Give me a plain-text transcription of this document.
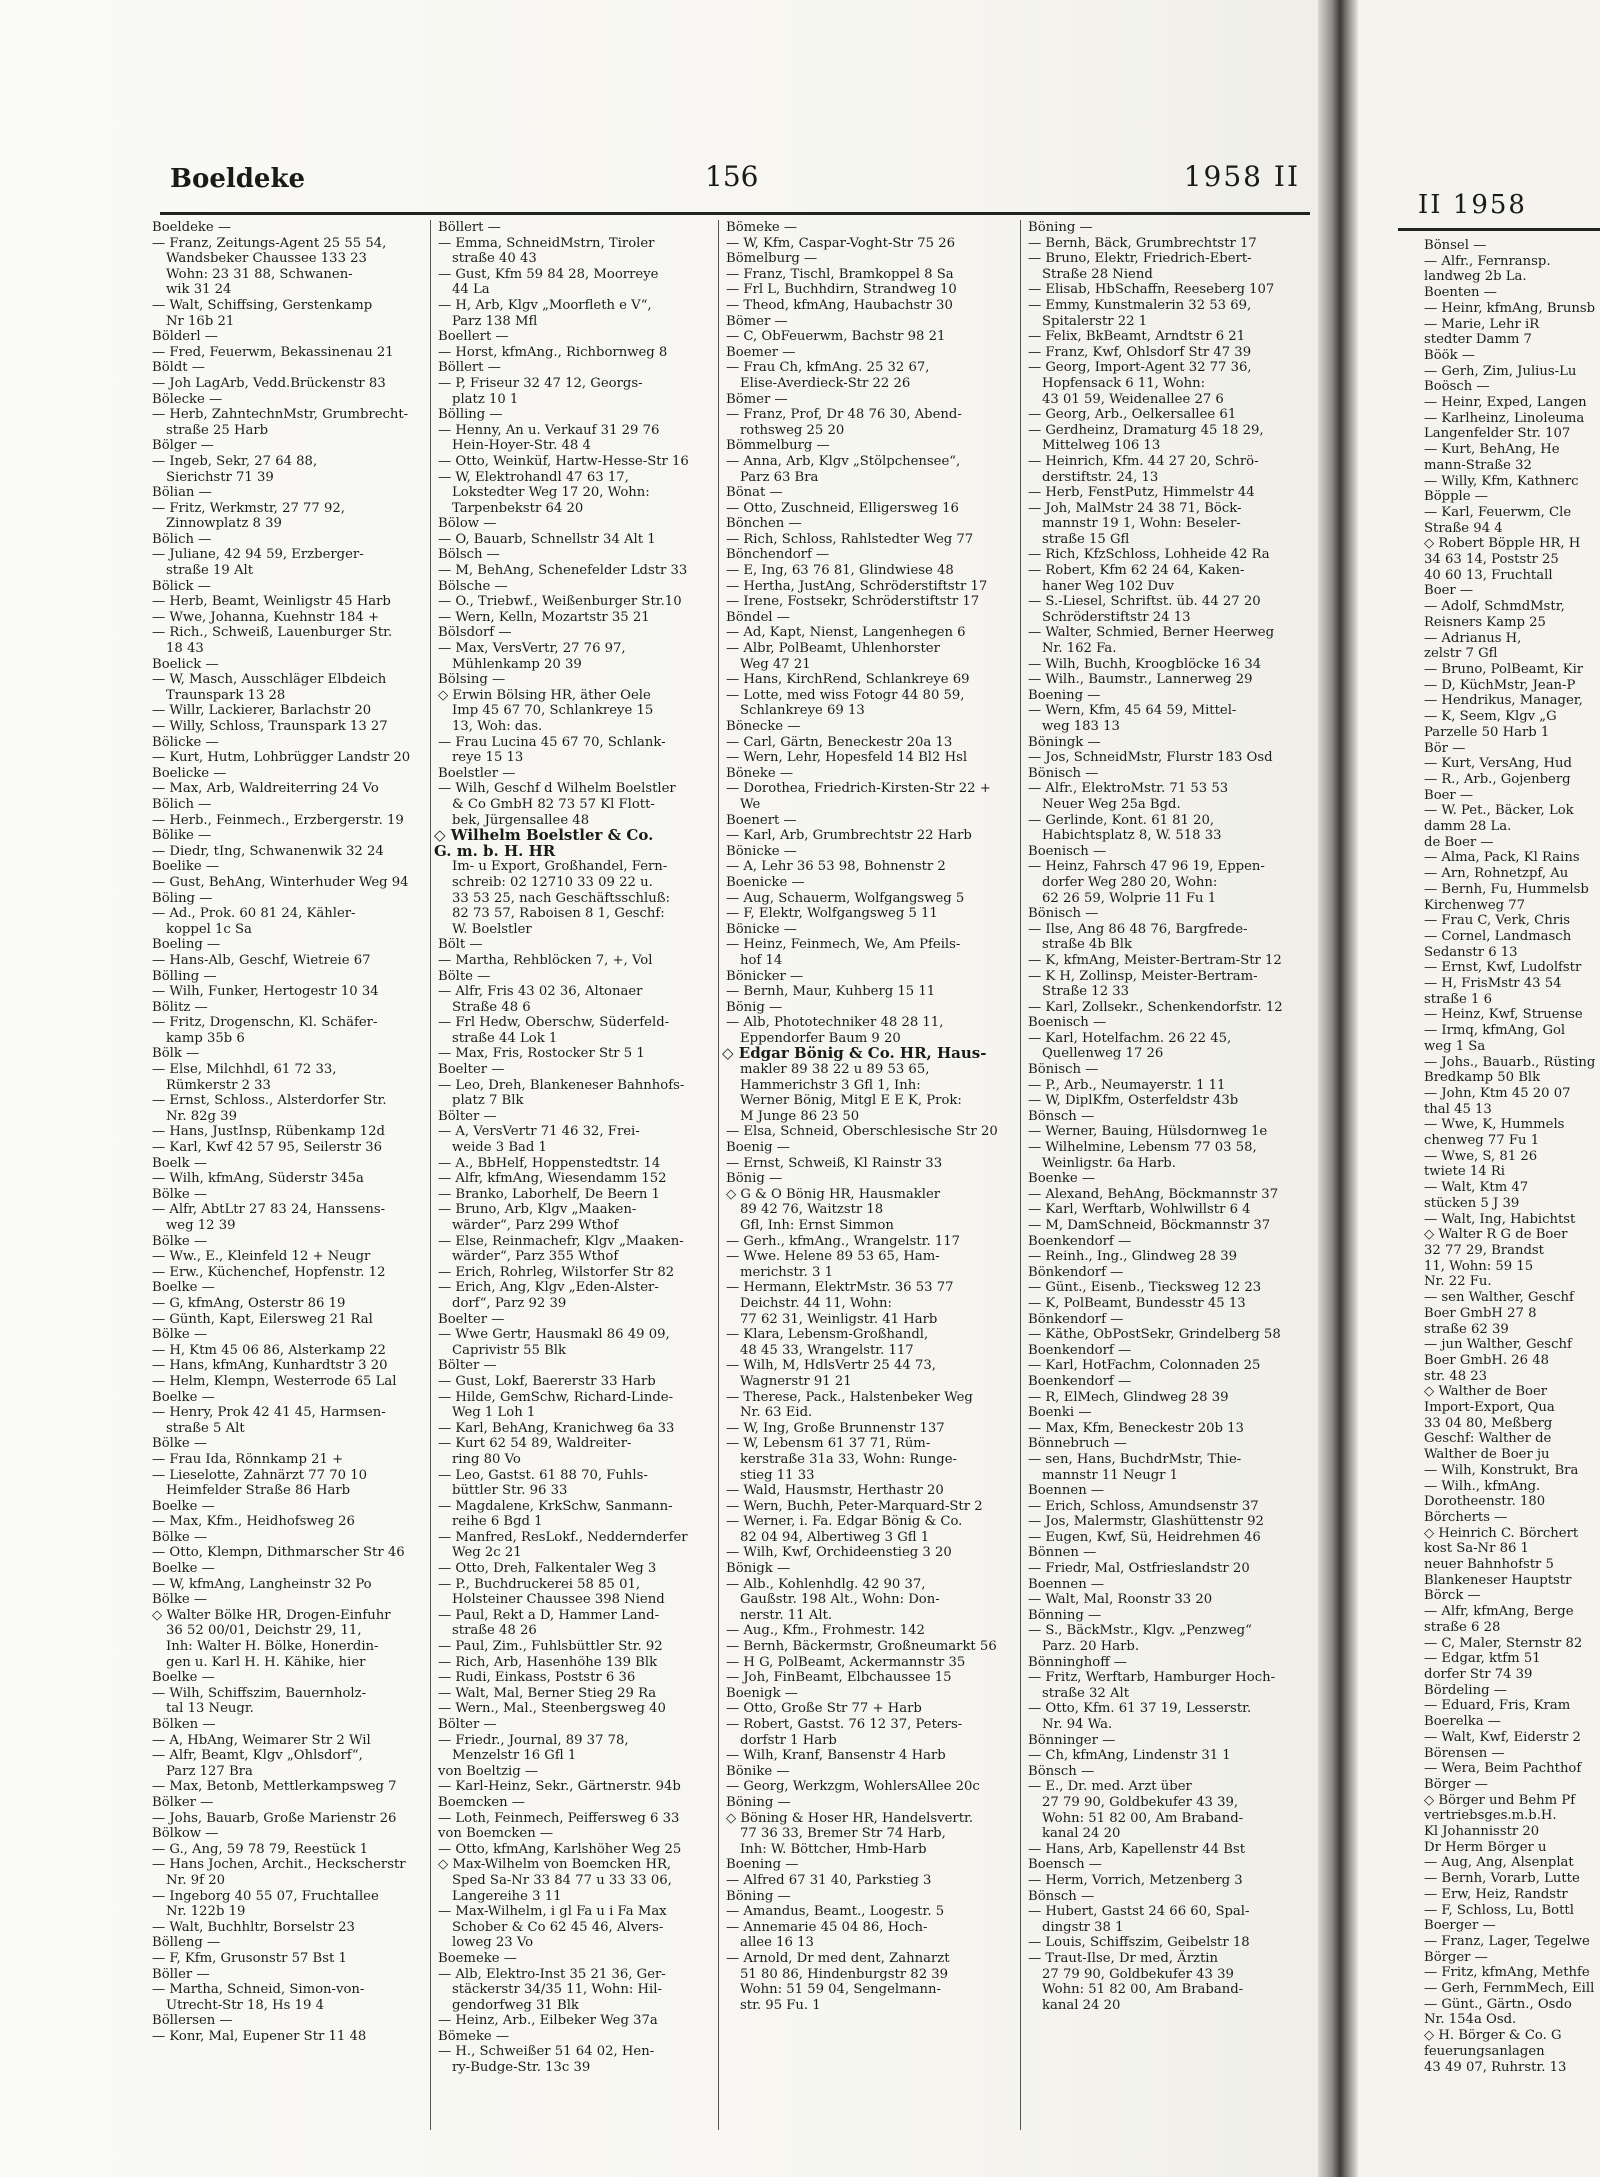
Boeldeke	156	1958 II
Boeldeke —
— Franz, Zeitungs-Agent 25 55 54,
Wandsbeker Chaussee 133 23
Wohn: 23 31 88, Schwanen-
wik 31 24
— Walt, Schiffsing, Gerstenkamp
Nr 16b 21
Bölderl —
— Fred, Feuerwm, Bekassinenau 21
Böldt —
— Joh LagArb, Vedd.Brückenstr 83
Bölecke —
— Herb, ZahntechnMstr, Grumbrecht-
straße 25 Harb
Bölger —
— Ingeb, Sekr, 27 64 88,
Sierichstr 71 39
Bölian —
— Fritz, Werkmstr, 27 77 92,
Zinnowplatz 8 39
Bölich —
— Juliane, 42 94 59, Erzberger-
straße 19 Alt
Bölick —
— Herb, Beamt, Weinligstr 45 Harb
— Wwe, Johanna, Kuehnstr 184 +
— Rich., Schweiß, Lauenburger Str.
18 43
Boelick —
— W, Masch, Ausschläger Elbdeich
Traunspark 13 28
— Willr, Lackierer, Barlachstr 20
— Willy, Schloss, Traunspark 13 27
Bölicke —
— Kurt, Hutm, Lohbrügger Landstr 20
Boelicke —
— Max, Arb, Waldreiterring 24 Vo
Bölich —
— Herb., Feinmech., Erzbergerstr. 19
Bölike —
— Diedr, tIng, Schwanenwik 32 24
Boelike —
— Gust, BehAng, Winterhuder Weg 94
Böling —
— Ad., Prok. 60 81 24, Kähler-
koppel 1c Sa
Boeling —
— Hans-Alb, Geschf, Wietreie 67
Bölling —
— Wilh, Funker, Hertogestr 10 34
Bölitz —
— Fritz, Drogenschn, Kl. Schäfer-
kamp 35b 6
Bölk —
— Else, Milchhdl, 61 72 33,
Rümkerstr 2 33
— Ernst, Schloss., Alsterdorfer Str.
Nr. 82g 39
— Hans, JustInsp, Rübenkamp 12d
— Karl, Kwf 42 57 95, Seilerstr 36
Boelk —
— Wilh, kfmAng, Süderstr 345a
Bölke —
— Alfr, AbtLtr 27 83 24, Hanssens-
weg 12 39
Bölke —
— Ww., E., Kleinfeld 12 + Neugr
— Erw., Küchenchef, Hopfenstr. 12
Boelke —
— G, kfmAng, Osterstr 86 19
— Günth, Kapt, Eilersweg 21 Ral
Bölke —
— H, Ktm 45 06 86, Alsterkamp 22
— Hans, kfmAng, Kunhardtstr 3 20
— Helm, Klempn, Westerrode 65 Lal
Boelke —
— Henry, Prok 42 41 45, Harmsen-
straße 5 Alt
Bölke —
— Frau Ida, Rönnkamp 21 +
— Lieselotte, Zahnärzt 77 70 10
Heimfelder Straße 86 Harb
Boelke —
— Max, Kfm., Heidhofsweg 26
Bölke —
— Otto, Klempn, Dithmarscher Str 46
Boelke —
— W, kfmAng, Langheinstr 32 Po
Bölke —
◇ Walter Bölke HR, Drogen-Einfuhr
36 52 00/01, Deichstr 29, 11,
Inh: Walter H. Bölke, Honerdin-
gen u. Karl H. H. Kähike, hier
Boelke —
— Wilh, Schiffszim, Bauernholz-
tal 13 Neugr.
Bölken —
— A, HbAng, Weimarer Str 2 Wil
— Alfr, Beamt, Klgv „Ohlsdorf“,
Parz 127 Bra
— Max, Betonb, Mettlerkampsweg 7
Bölker —
— Johs, Bauarb, Große Marienstr 26
Bölkow —
— G., Ang, 59 78 79, Reestück 1
— Hans Jochen, Archit., Heckscherstr
Nr. 9f 20
— Ingeborg 40 55 07, Fruchtallee
Nr. 122b 19
— Walt, Buchhltr, Borselstr 23
Bölleng —
— F, Kfm, Grusonstr 57 Bst 1
Böller —
— Martha, Schneid, Simon-von-
Utrecht-Str 18, Hs 19 4
Böllersen —
— Konr, Mal, Eupener Str 11 48
Böllert —
— Emma, SchneidMstrn, Tiroler
straße 40 43
— Gust, Kfm 59 84 28, Moorreye
44 La
— H, Arb, Klgv „Moorfleth e V“,
Parz 138 Mfl
Boellert —
— Horst, kfmAng., Richbornweg 8
Böllert —
— P, Friseur 32 47 12, Georgs-
platz 10 1
Bölling —
— Henny, An u. Verkauf 31 29 76
Hein-Hoyer-Str. 48 4
— Otto, Weinküf, Hartw-Hesse-Str 16
— W, Elektrohandl 47 63 17,
Lokstedter Weg 17 20, Wohn:
Tarpenbekstr 64 20
Bölow —
— O, Bauarb, Schnellstr 34 Alt 1
Bölsch —
— M, BehAng, Schenefelder Ldstr 33
Bölsche —
— O., Triebwf., Weißenburger Str.10
— Wern, Kelln, Mozartstr 35 21
Bölsdorf —
— Max, VersVertr, 27 76 97,
Mühlenkamp 20 39
Bölsing —
◇ Erwin Bölsing HR, äther Oele
Imp 45 67 70, Schlankreye 15
13, Woh: das.
— Frau Lucina 45 67 70, Schlank-
reye 15 13
Boelstler —
— Wilh, Geschf d Wilhelm Boelstler
& Co GmbH 82 73 57 Kl Flott-
bek, Jürgensallee 48
◇ Wilhelm Boelstler & Co.
G. m. b. H. HR
Im- u Export, Großhandel, Fern-
schreib: 02 12710 33 09 22 u.
33 53 25, nach Geschäftsschluß:
82 73 57, Raboisen 8 1, Geschf:
W. Boelstler
Bölt —
— Martha, Rehblöcken 7, +, Vol
Bölte —
— Alfr, Fris 43 02 36, Altonaer
Straße 48 6
— Frl Hedw, Oberschw, Süderfeld-
straße 44 Lok 1
— Max, Fris, Rostocker Str 5 1
Boelter —
— Leo, Dreh, Blankeneser Bahnhofs-
platz 7 Blk
Bölter —
— A, VersVertr 71 46 32, Frei-
weide 3 Bad 1
— A., BbHelf, Hoppenstedtstr. 14
— Alfr, kfmAng, Wiesendamm 152
— Branko, Laborhelf, De Beern 1
— Bruno, Arb, Klgv „Maaken-
wärder“, Parz 299 Wthof
— Else, Reinmachefr, Klgv „Maaken-
wärder“, Parz 355 Wthof
— Erich, Rohrleg, Wilstorfer Str 82
— Erich, Ang, Klgv „Eden-Alster-
dorf“, Parz 92 39
Boelter —
— Wwe Gertr, Hausmakl 86 49 09,
Caprivistr 55 Blk
Bölter —
— Gust, Lokf, Baererstr 33 Harb
— Hilde, GemSchw, Richard-Linde-
Weg 1 Loh 1
— Karl, BehAng, Kranichweg 6a 33
— Kurt 62 54 89, Waldreiter-
ring 80 Vo
— Leo, Gastst. 61 88 70, Fuhls-
büttler Str. 96 33
— Magdalene, KrkSchw, Sanmann-
reihe 6 Bgd 1
— Manfred, ResLokf., Neddernderfer
Weg 2c 21
— Otto, Dreh, Falkentaler Weg 3
— P., Buchdruckerei 58 85 01,
Holsteiner Chaussee 398 Niend
— Paul, Rekt a D, Hammer Land-
straße 48 26
— Paul, Zim., Fuhlsbüttler Str. 92
— Rich, Arb, Hasenhöhe 139 Blk
— Rudi, Einkass, Poststr 6 36
— Walt, Mal, Berner Stieg 29 Ra
— Wern., Mal., Steenbergsweg 40
Bölter —
— Friedr., Journal, 89 37 78,
Menzelstr 16 Gfl 1
von Boeltzig —
— Karl-Heinz, Sekr., Gärtnerstr. 94b
Boemcken —
— Loth, Feinmech, Peiffersweg 6 33
von Boemcken —
— Otto, kfmAng, Karlshöher Weg 25
◇ Max-Wilhelm von Boemcken HR,
Sped Sa-Nr 33 84 77 u 33 33 06,
Langereihe 3 11
— Max-Wilhelm, i gl Fa u i Fa Max
Schober & Co 62 45 46, Alvers-
loweg 23 Vo
Boemeke —
— Alb, Elektro-Inst 35 21 36, Ger-
stäckerstr 34/35 11, Wohn: Hil-
gendorfweg 31 Blk
— Heinz, Arb., Eilbeker Weg 37a
Bömeke —
— H., Schweißer 51 64 02, Hen-
ry-Budge-Str. 13c 39
Bömeke —
— W, Kfm, Caspar-Voght-Str 75 26
Bömelburg —
— Franz, Tischl, Bramkoppel 8 Sa
— Frl L, Buchhdirn, Strandweg 10
— Theod, kfmAng, Haubachstr 30
Bömer —
— C, ObFeuerwm, Bachstr 98 21
Boemer —
— Frau Ch, kfmAng. 25 32 67,
Elise-Averdieck-Str 22 26
Bömer —
— Franz, Prof, Dr 48 76 30, Abend-
rothsweg 25 20
Bömmelburg —
— Anna, Arb, Klgv „Stölpchensee“,
Parz 63 Bra
Bönat —
— Otto, Zuschneid, Elligersweg 16
Bönchen —
— Rich, Schloss, Rahlstedter Weg 77
Bönchendorf —
— E, Ing, 63 76 81, Glindwiese 48
— Hertha, JustAng, Schröderstiftstr 17
— Irene, Fostsekr, Schröderstiftstr 17
Böndel —
— Ad, Kapt, Nienst, Langenhegen 6
— Albr, PolBeamt, Uhlenhorster
Weg 47 21
— Hans, KirchRend, Schlankreye 69
— Lotte, med wiss Fotogr 44 80 59,
Schlankreye 69 13
Bönecke —
— Carl, Gärtn, Beneckestr 20a 13
— Wern, Lehr, Hopesfeld 14 Bl2 Hsl
Böneke —
— Dorothea, Friedrich-Kirsten-Str 22 +
We
Boenert —
— Karl, Arb, Grumbrechtstr 22 Harb
Bönicke —
— A, Lehr 36 53 98, Bohnenstr 2
Boenicke —
— Aug, Schauerm, Wolfgangsweg 5
— F, Elektr, Wolfgangsweg 5 11
Bönicke —
— Heinz, Feinmech, We, Am Pfeils-
hof 14
Bönicker —
— Bernh, Maur, Kuhberg 15 11
Bönig —
— Alb, Phototechniker 48 28 11,
Eppendorfer Baum 9 20
◇ Edgar Bönig & Co. HR, Haus-
makler 89 38 22 u 89 53 65,
Hammerichstr 3 Gfl 1, Inh:
Werner Bönig, Mitgl E E K, Prok:
M Junge 86 23 50
— Elsa, Schneid, Oberschlesische Str 20
Boenig —
— Ernst, Schweiß, Kl Rainstr 33
Bönig —
◇ G & O Bönig HR, Hausmakler
89 42 76, Waitzstr 18
Gfl, Inh: Ernst Simmon
— Gerh., kfmAng., Wrangelstr. 117
— Wwe. Helene 89 53 65, Ham-
merichstr. 3 1
— Hermann, ElektrMstr. 36 53 77
Deichstr. 44 11, Wohn:
77 62 31, Weinligstr. 41 Harb
— Klara, Lebensm-Großhandl,
48 45 33, Wrangelstr. 117
— Wilh, M, HdlsVertr 25 44 73,
Wagnerstr 91 21
— Therese, Pack., Halstenbeker Weg
Nr. 63 Eid.
— W, Ing, Große Brunnenstr 137
— W, Lebensm 61 37 71, Rüm-
kerstraße 31a 33, Wohn: Runge-
stieg 11 33
— Wald, Hausmstr, Herthastr 20
— Wern, Buchh, Peter-Marquard-Str 2
— Werner, i. Fa. Edgar Bönig & Co.
82 04 94, Albertiweg 3 Gfl 1
— Wilh, Kwf, Orchideenstieg 3 20
Bönigk —
— Alb., Kohlenhdlg. 42 90 37,
Gaußstr. 198 Alt., Wohn: Don-
nerstr. 11 Alt.
— Aug., Kfm., Frohmestr. 142
— Bernh, Bäckermstr, Großneumarkt 56
— H G, PolBeamt, Ackermannstr 35
— Joh, FinBeamt, Elbchaussee 15
Boenigk —
— Otto, Große Str 77 + Harb
— Robert, Gastst. 76 12 37, Peters-
dorfstr 1 Harb
— Wilh, Kranf, Bansenstr 4 Harb
Bönike —
— Georg, Werkzgm, WohlersAllee 20c
Böning —
◇ Böning & Hoser HR, Handelsvertr.
77 36 33, Bremer Str 74 Harb,
Inh: W. Böttcher, Hmb-Harb
Boening —
— Alfred 67 31 40, Parkstieg 3
Böning —
— Amandus, Beamt., Loogestr. 5
— Annemarie 45 04 86, Hoch-
allee 16 13
— Arnold, Dr med dent, Zahnarzt
51 80 86, Hindenburgstr 82 39
Wohn: 51 59 04, Sengelmann-
str. 95 Fu. 1
Böning —
— Bernh, Bäck, Grumbrechtstr 17
— Bruno, Elektr, Friedrich-Ebert-
Straße 28 Niend
— Elisab, HbSchaffn, Reeseberg 107
— Emmy, Kunstmalerin 32 53 69,
Spitalerstr 22 1
— Felix, BkBeamt, Arndtstr 6 21
— Franz, Kwf, Ohlsdorf Str 47 39
— Georg, Import-Agent 32 77 36,
Hopfensack 6 11, Wohn:
43 01 59, Weidenallee 27 6
— Georg, Arb., Oelkersallee 61
— Gerdheinz, Dramaturg 45 18 29,
Mittelweg 106 13
— Heinrich, Kfm. 44 27 20, Schrö-
derstiftstr. 24, 13
— Herb, FenstPutz, Himmelstr 44
— Joh, MalMstr 24 38 71, Böck-
mannstr 19 1, Wohn: Beseler-
straße 15 Gfl
— Rich, KfzSchloss, Lohheide 42 Ra
— Robert, Kfm 62 24 64, Kaken-
haner Weg 102 Duv
— S.-Liesel, Schriftst. üb. 44 27 20
Schröderstiftstr 24 13
— Walter, Schmied, Berner Heerweg
Nr. 162 Fa.
— Wilh, Buchh, Kroogblöcke 16 34
— Wilh., Baumstr., Lannerweg 29
Boening —
— Wern, Kfm, 45 64 59, Mittel-
weg 183 13
Böningk —
— Jos, SchneidMstr, Flurstr 183 Osd
Bönisch —
— Alfr., ElektroMstr. 71 53 53
Neuer Weg 25a Bgd.
— Gerlinde, Kont. 61 81 20,
Habichtsplatz 8, W. 518 33
Boenisch —
— Heinz, Fahrsch 47 96 19, Eppen-
dorfer Weg 280 20, Wohn:
62 26 59, Wolprie 11 Fu 1
Bönisch —
— Ilse, Ang 86 48 76, Bargfrede-
straße 4b Blk
— K, kfmAng, Meister-Bertram-Str 12
— K H, Zollinsp, Meister-Bertram-
Straße 12 33
— Karl, Zollsekr., Schenkendorfstr. 12
Boenisch —
— Karl, Hotelfachm. 26 22 45,
Quellenweg 17 26
Bönisch —
— P., Arb., Neumayerstr. 1 11
— W, DiplKfm, Osterfeldstr 43b
Bönsch —
— Werner, Bauing, Hülsdornweg 1e
— Wilhelmine, Lebensm 77 03 58,
Weinligstr. 6a Harb.
Boenke —
— Alexand, BehAng, Böckmannstr 37
— Karl, Werftarb, Wohlwillstr 6 4
— M, DamSchneid, Böckmannstr 37
Boenkendorf —
— Reinh., Ing., Glindweg 28 39
Bönkendorf —
— Günt., Eisenb., Tiecksweg 12 23
— K, PolBeamt, Bundesstr 45 13
Bönkendorf —
— Käthe, ObPostSekr, Grindelberg 58
Boenkendorf —
— Karl, HotFachm, Colonnaden 25
Boenkendorf —
— R, ElMech, Glindweg 28 39
Boenki —
— Max, Kfm, Beneckestr 20b 13
Bönnebruch —
— sen, Hans, BuchdrMstr, Thie-
mannstr 11 Neugr 1
Boennen —
— Erich, Schloss, Amundsenstr 37
— Jos, Malermstr, Glashüttenstr 92
— Eugen, Kwf, Sü, Heidrehmen 46
Bönnen —
— Friedr, Mal, Ostfrieslandstr 20
Boennen —
— Walt, Mal, Roonstr 33 20
Bönning —
— S., BäckMstr., Klgv. „Penzweg“
Parz. 20 Harb.
Bönninghoff —
— Fritz, Werftarb, Hamburger Hoch-
straße 32 Alt
— Otto, Kfm. 61 37 19, Lesserstr.
Nr. 94 Wa.
Bönninger —
— Ch, kfmAng, Lindenstr 31 1
Bönsch —
— E., Dr. med. Arzt über
27 79 90, Goldbekufer 43 39,
Wohn: 51 82 00, Am Braband-
kanal 24 20
— Hans, Arb, Kapellenstr 44 Bst
Boensch —
— Herm, Vorrich, Metzenberg 3
Bönsch —
— Hubert, Gastst 24 66 60, Spal-
dingstr 38 1
— Louis, Schiffszim, Geibelstr 18
— Traut-Ilse, Dr med, Ärztin
27 79 90, Goldbekufer 43 39
Wohn: 51 82 00, Am Braband-
kanal 24 20
II 1958
Bönsel —
— Alfr., Fernransp.
landweg 2b La.
Boenten —
— Heinr, kfmAng, Brunsb
— Marie, Lehr iR
stedter Damm 7
Böök —
— Gerh, Zim, Julius-Lu
Boösch —
— Heinr, Exped, Langen
— Karlheinz, Linoleuma
Langenfelder Str. 107
— Kurt, BehAng, He
mann-Straße 32
— Willy, Kfm, Kathnerc
Böpple —
— Karl, Feuerwm, Cle
Straße 94 4
◇ Robert Böpple HR, H
34 63 14, Poststr 25
40 60 13, Fruchtall
Boer —
— Adolf, SchmdMstr,
Reisners Kamp 25
— Adrianus H,
zelstr 7 Gfl
— Bruno, PolBeamt, Kir
— D, KüchMstr, Jean-P
— Hendrikus, Manager,
— K, Seem, Klgv „G
Parzelle 50 Harb 1
Bör —
— Kurt, VersAng, Hud
— R., Arb., Gojenberg
Boer —
— W. Pet., Bäcker, Lok
damm 28 La.
de Boer —
— Alma, Pack, Kl Rains
— Arn, Rohnetzpf, Au
— Bernh, Fu, Hummelsb
Kirchenweg 77
— Frau C, Verk, Chris
— Cornel, Landmasch
Sedanstr 6 13
— Ernst, Kwf, Ludolfstr
— H, FrisMstr 43 54
straße 1 6
— Heinz, Kwf, Struense
— Irmq, kfmAng, Gol
weg 1 Sa
— Johs., Bauarb., Rüsting
Bredkamp 50 Blk
— John, Ktm 45 20 07
thal 45 13
— Wwe, K, Hummels
chenweg 77 Fu 1
— Wwe, S, 81 26
twiete 14 Ri
— Walt, Ktm 47
stücken 5 J 39
— Walt, Ing, Habichtst
◇ Walter R G de Boer
32 77 29, Brandst
11, Wohn: 59 15
Nr. 22 Fu.
— sen Walther, Geschf
Boer GmbH 27 8
straße 62 39
— jun Walther, Geschf
Boer GmbH. 26 48
str. 48 23
◇ Walther de Boer
Import-Export, Qua
33 04 80, Meßberg
Geschf: Walther de
Walther de Boer ju
— Wilh, Konstrukt, Bra
— Wilh., kfmAng.
Dorotheenstr. 180
Börcherts —
◇ Heinrich C. Börchert
kost Sa-Nr 86 1
neuer Bahnhofstr 5
Blankeneser Hauptstr
Börck —
— Alfr, kfmAng, Berge
straße 6 28
— C, Maler, Sternstr 82
— Edgar, ktfm 51
dorfer Str 74 39
Bördeling —
— Eduard, Fris, Kram
Boerelka —
— Walt, Kwf, Eiderstr 2
Börensen —
— Wera, Beim Pachthof
Börger —
◇ Börger und Behm Pf
vertriebsges.m.b.H.
Kl Johannisstr 20
Dr Herm Börger u
— Aug, Ang, Alsenplat
— Bernh, Vorarb, Lutte
— Erw, Heiz, Randstr
— F, Schloss, Lu, Bottl
Boerger —
— Franz, Lager, Tegelwe
Börger —
— Fritz, kfmAng, Methfe
— Gerh, FernmMech, Eill
— Günt., Gärtn., Osdo
Nr. 154a Osd.
◇ H. Börger & Co. G
feuerungsanlagen
43 49 07, Ruhrstr. 13
